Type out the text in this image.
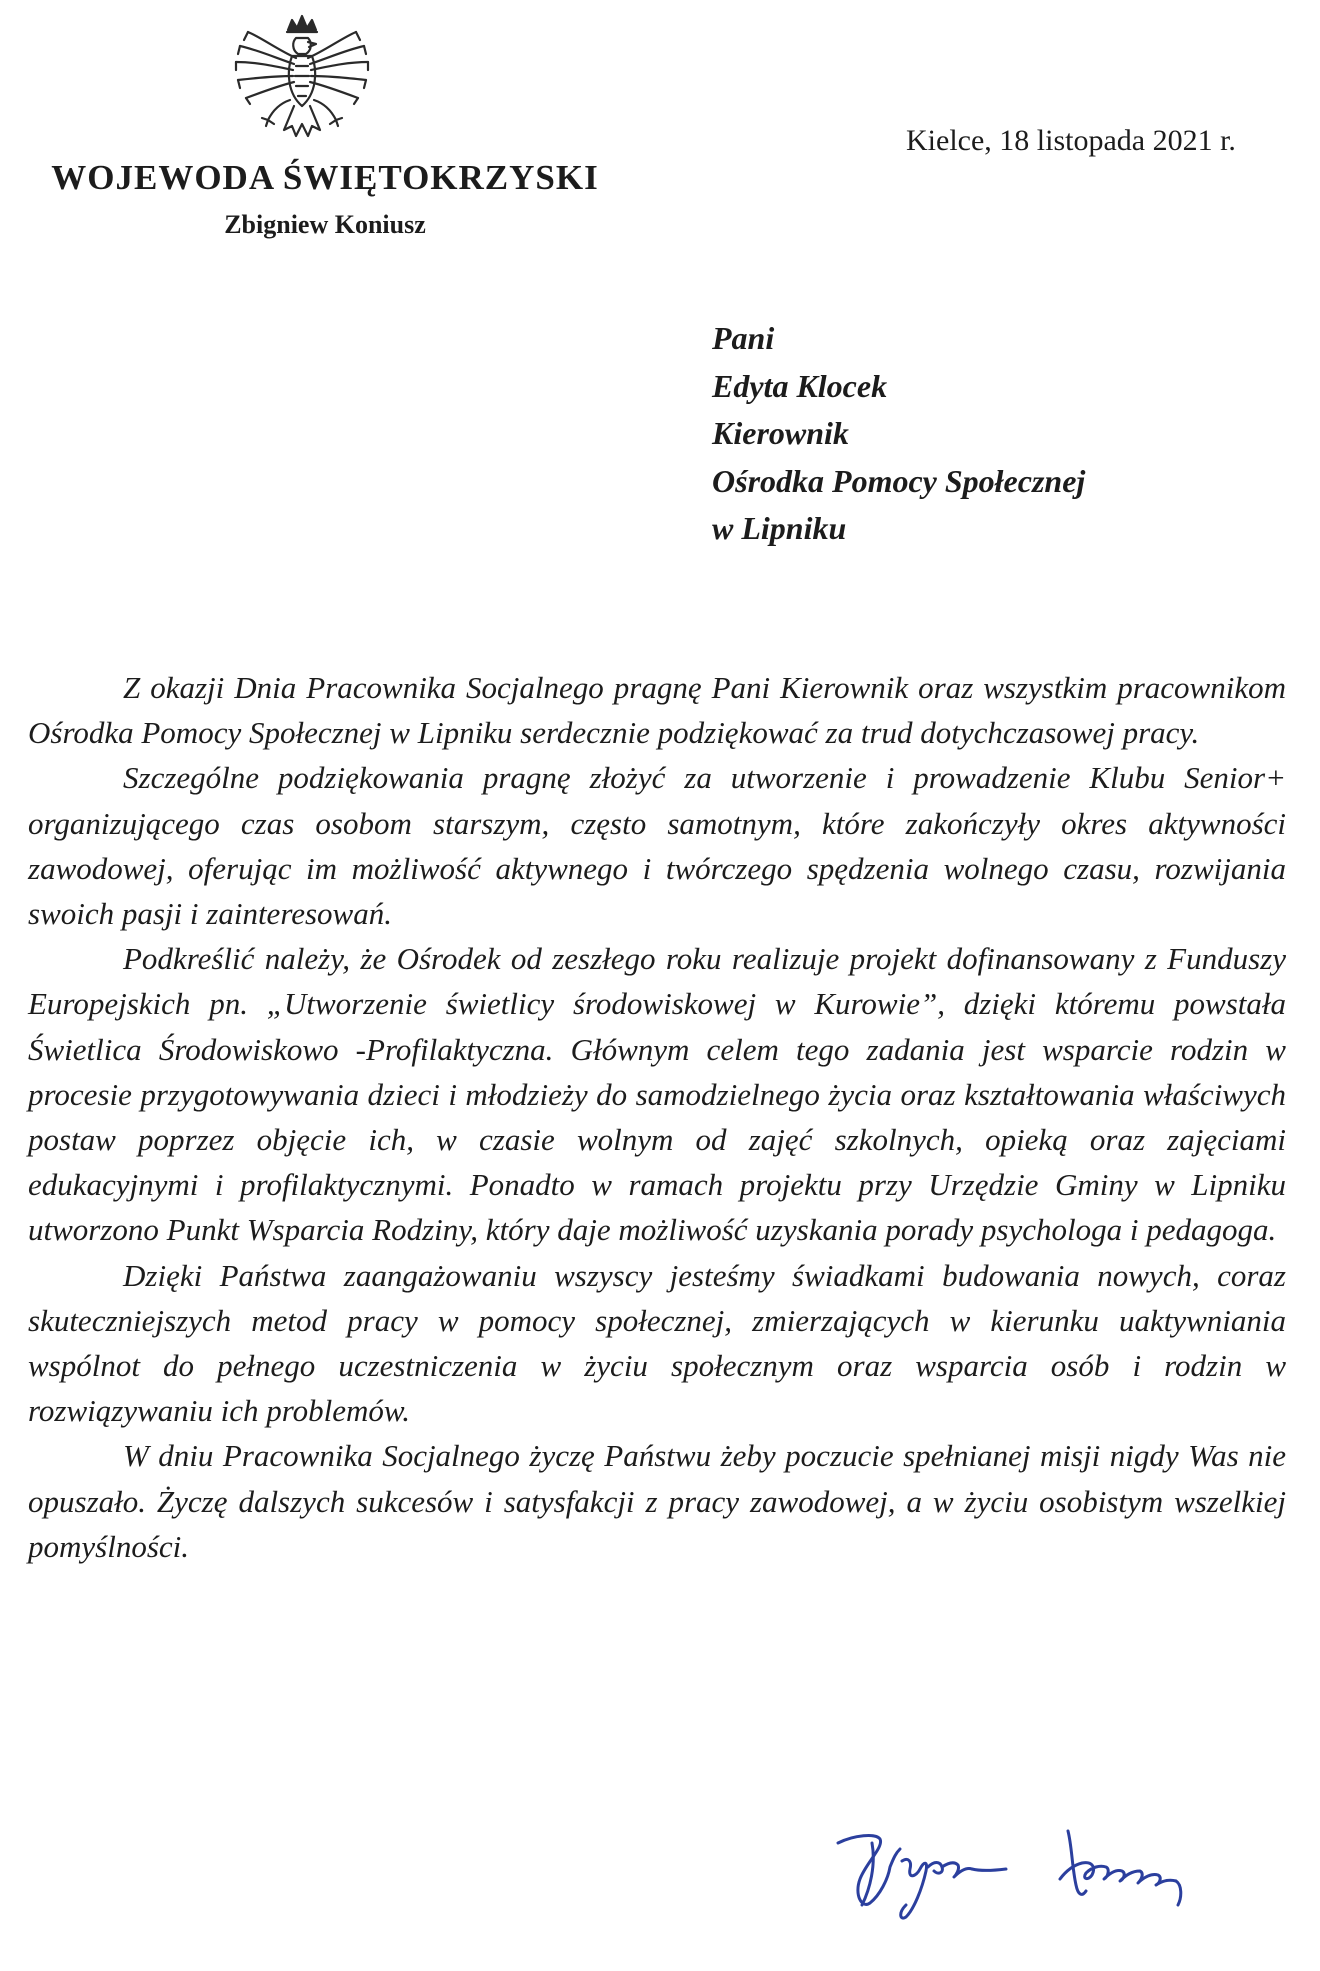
WOJEWODA ŚWIĘTOKRZYSKI
Zbigniew Koniusz
Kielce, 18 listopada 2021 r.
Pani
Edyta Klocek
Kierownik
Ośrodka Pomocy Społecznej
w Lipniku

Z okazji Dnia Pracownika Socjalnego pragnę Pani Kierownik oraz wszystkim pracownikom Ośrodka Pomocy Społecznej w Lipniku serdecznie podziękować za trud dotychczasowej pracy.

Szczególne podziękowania pragnę złożyć za utworzenie i prowadzenie Klubu Senior+ organizującego czas osobom starszym, często samotnym, które zakończyły okres aktywności zawodowej, oferując im możliwość aktywnego i twórczego spędzenia wolnego czasu, rozwijania swoich pasji i zainteresowań.

Podkreślić należy, że Ośrodek od zeszłego roku realizuje projekt dofinansowany z Funduszy Europejskich pn. „Utworzenie świetlicy środowiskowej w Kurowie”, dzięki któremu powstała Świetlica Środowiskowo -Profilaktyczna. Głównym celem tego zadania jest wsparcie rodzin w procesie przygotowywania dzieci i młodzieży do samodzielnego życia oraz kształtowania właściwych postaw poprzez objęcie ich, w czasie wolnym od zajęć szkolnych, opieką oraz zajęciami edukacyjnymi i profilaktycznymi. Ponadto w ramach projektu przy Urzędzie Gminy w Lipniku utworzono Punkt Wsparcia Rodziny, który daje możliwość uzyskania porady psychologa i pedagoga.

Dzięki Państwa zaangażowaniu wszyscy jesteśmy świadkami budowania nowych, coraz skuteczniejszych metod pracy w pomocy społecznej, zmierzających w kierunku uaktywniania wspólnot do pełnego uczestniczenia w życiu społecznym oraz wsparcia osób i rodzin w rozwiązywaniu ich problemów.

W dniu Pracownika Socjalnego życzę Państwu żeby poczucie spełnianej misji nigdy Was nie opuszało. Życzę dalszych sukcesów i satysfakcji z pracy zawodowej, a w życiu osobistym wszelkiej pomyślności.
